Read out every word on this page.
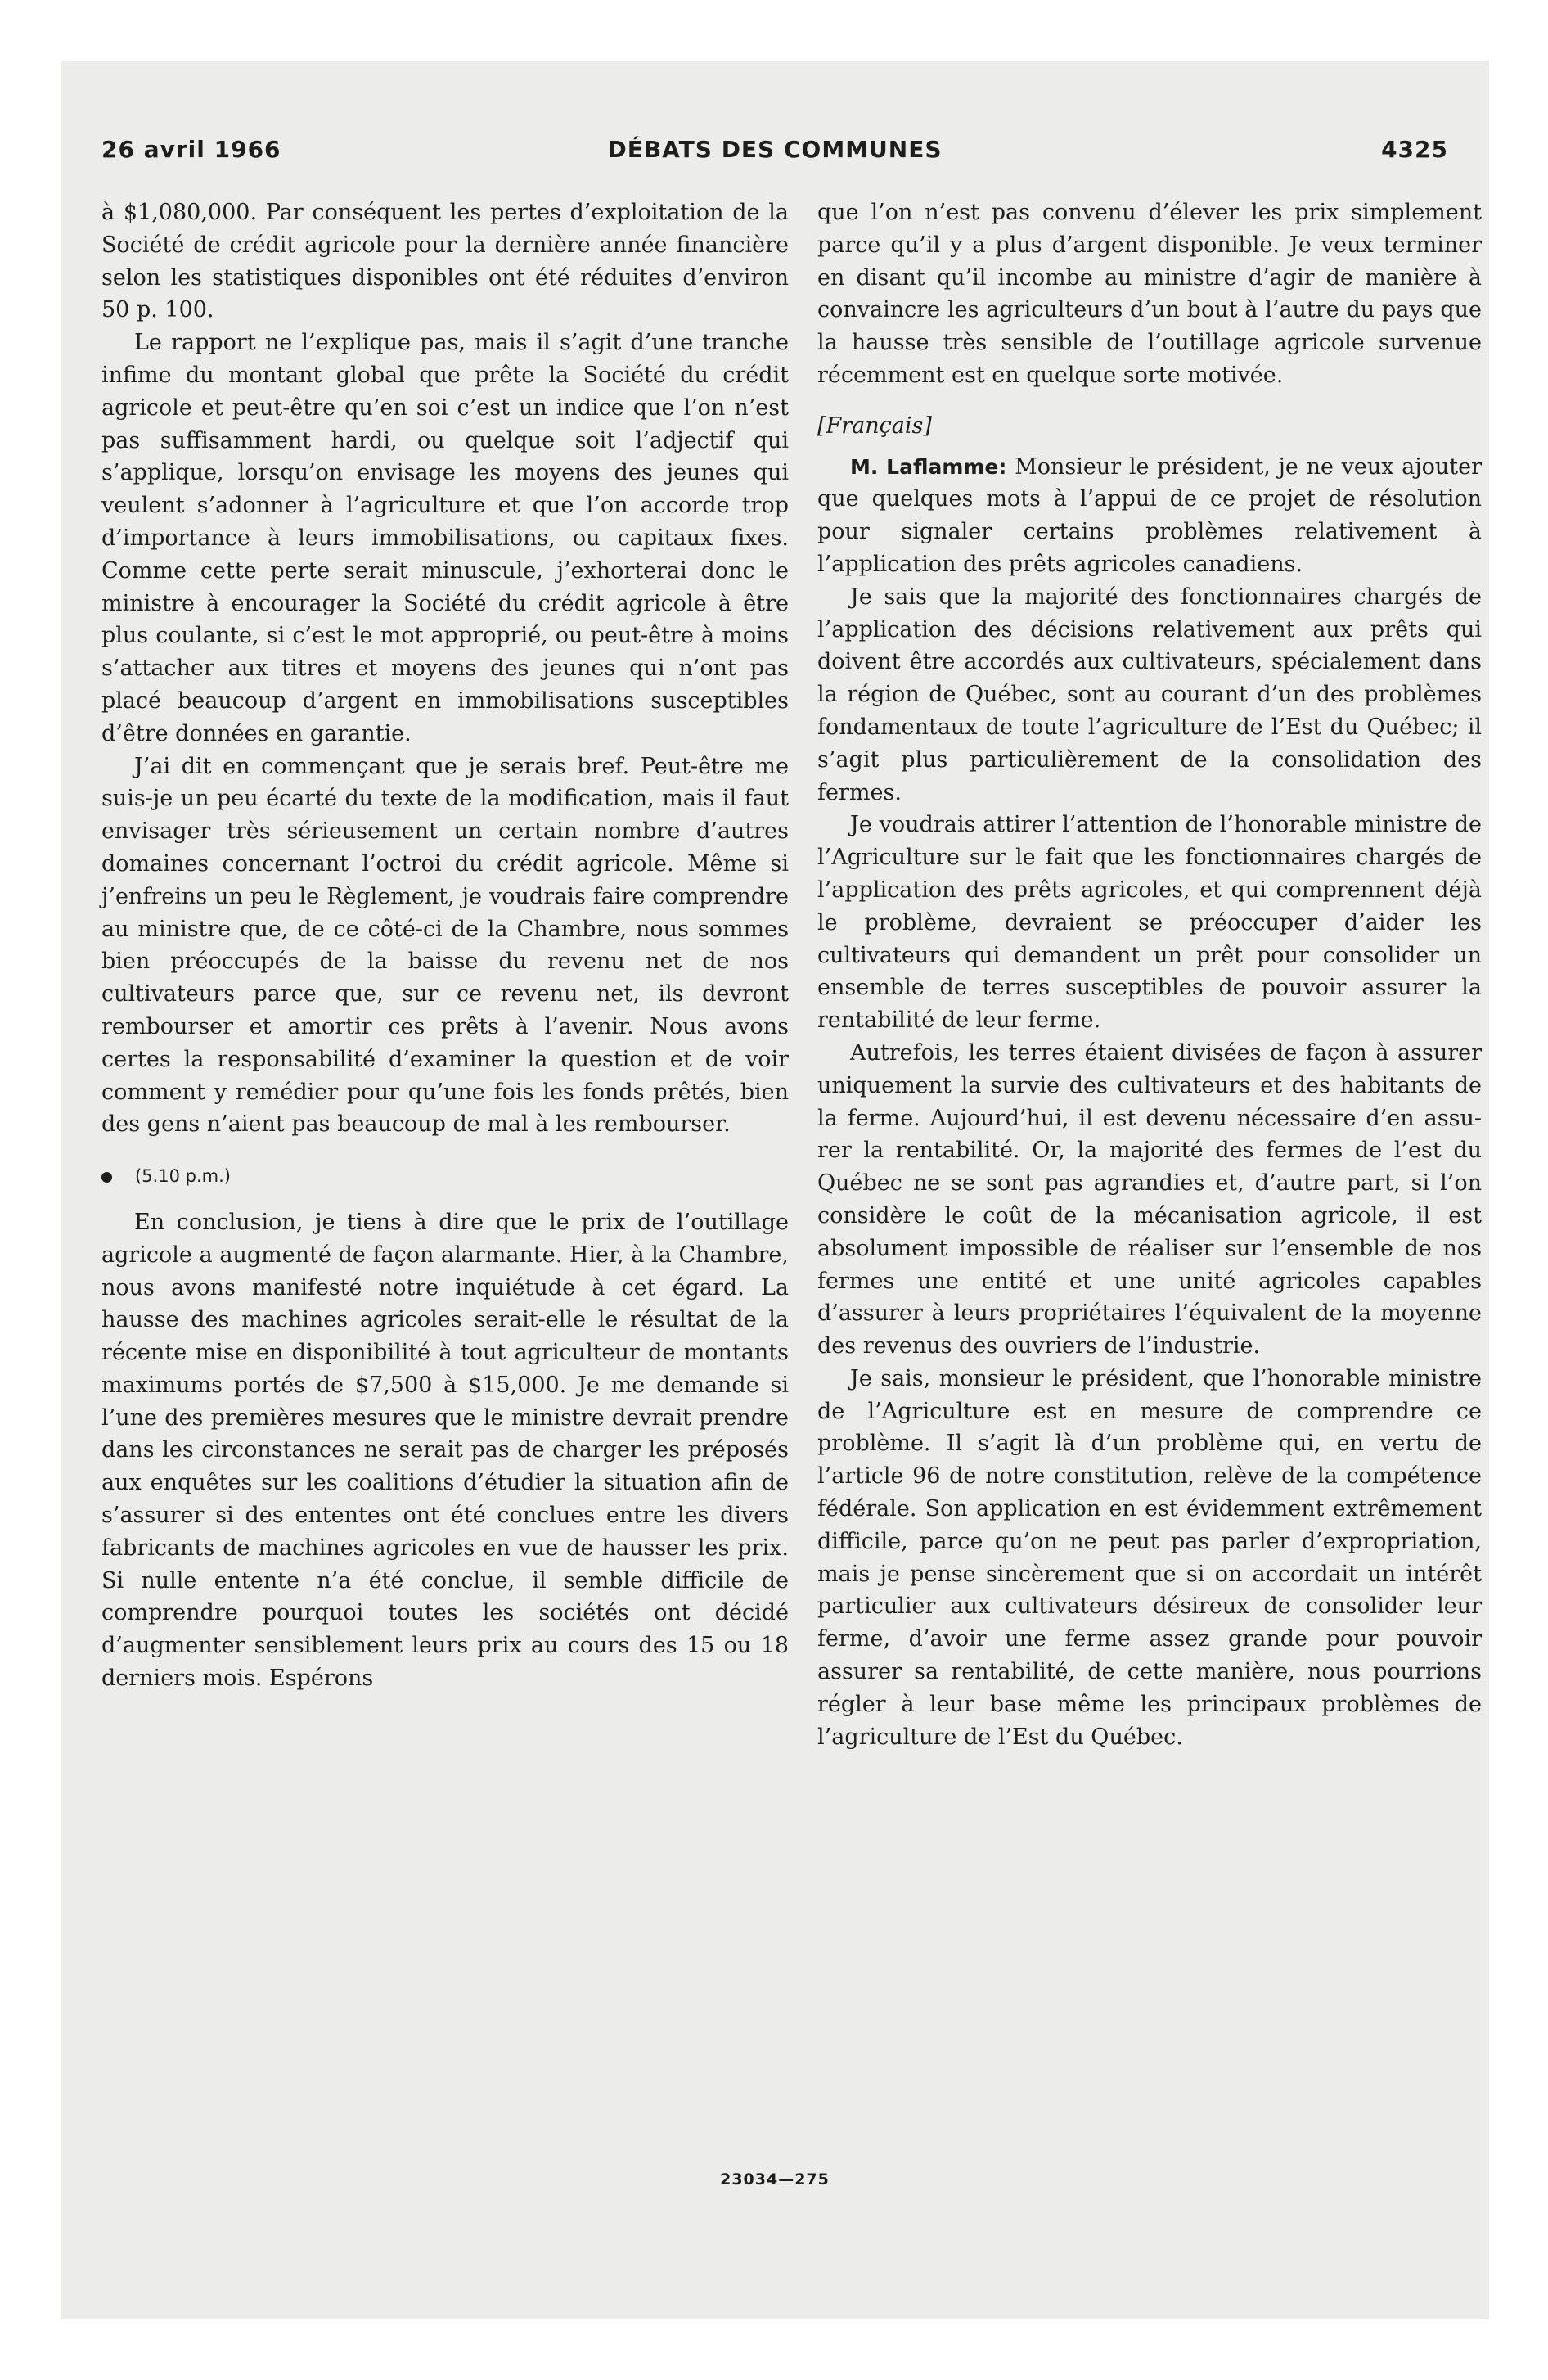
26 avril 1966	DÉBATS DES COMMUNES	4325

à $1,080,000. Par conséquent les pertes d’exploitation de la Société de crédit agricole pour la dernière année financière selon les statistiques disponibles ont été réduites d’environ 50 p. 100.

Le rapport ne l’explique pas, mais il s’agit d’une tranche infime du montant global que prête la Société du crédit agricole et peut-être qu’en soi c’est un indice que l’on n’est pas suffisamment hardi, ou quelque soit l’adjectif qui s’applique, lorsqu’on envisage les moyens des jeunes qui veulent s’adonner à l’agriculture et que l’on accorde trop d’importance à leurs immobilisations, ou capitaux fixes. Comme cette perte serait minuscule, j’exhorterai donc le ministre à encourager la Société du crédit agricole à être plus coulante, si c’est le mot approprié, ou peut-être à moins s’attacher aux titres et moyens des jeunes qui n’ont pas placé beaucoup d’argent en immobilisations susceptibles d’être données en garantie.

J’ai dit en commençant que je serais bref. Peut-être me suis-je un peu écarté du texte de la modification, mais il faut envisager très sérieusement un certain nombre d’autres domaines concernant l’octroi du crédit agricole. Même si j’enfreins un peu le Règlement, je voudrais faire comprendre au ministre que, de ce côté-ci de la Chambre, nous sommes bien préoccupés de la baisse du revenu net de nos cultivateurs parce que, sur ce revenu net, ils devront rembourser et amortir ces prêts à l’avenir. Nous avons certes la responsabilité d’examiner la question et de voir comment y remédier pour qu’une fois les fonds prêtés, bien des gens n’aient pas beaucoup de mal à les rembourser.

(5.10 p.m.)

En conclusion, je tiens à dire que le prix de l’outillage agricole a augmenté de façon alarmante. Hier, à la Chambre, nous avons manifesté notre inquiétude à cet égard. La hausse des machines agricoles serait-elle le résultat de la récente mise en disponibilité à tout agriculteur de montants maximums portés de $7,500 à $15,000. Je me demande si l’une des premières mesures que le ministre devrait prendre dans les circonstances ne serait pas de charger les préposés aux enquêtes sur les coalitions d’étudier la situation afin de s’assurer si des ententes ont été conclues entre les divers fabricants de machines agricoles en vue de hausser les prix. Si nulle entente n’a été conclue, il semble difficile de comprendre pourquoi toutes les sociétés ont décidé d’augmenter sensiblement leurs prix au cours des 15 ou 18 derniers mois. Espérons

que l’on n’est pas convenu d’élever les prix simplement parce qu’il y a plus d’argent disponible. Je veux terminer en disant qu’il incombe au ministre d’agir de manière à convaincre les agriculteurs d’un bout à l’autre du pays que la hausse très sensible de l’outillage agricole survenue récemment est en quelque sorte motivée.

[Français]

M. Laflamme: Monsieur le président, je ne veux ajouter que quelques mots à l’appui de ce projet de résolution pour signaler certains problèmes relativement à l’application des prêts agricoles canadiens.

Je sais que la majorité des fonctionnaires chargés de l’application des décisions relativement aux prêts qui doivent être accordés aux cultivateurs, spécialement dans la région de Québec, sont au courant d’un des problèmes fondamentaux de toute l’agriculture de l’Est du Québec; il s’agit plus particulièrement de la consolidation des fermes.

Je voudrais attirer l’attention de l’honorable ministre de l’Agriculture sur le fait que les fonctionnaires chargés de l’application des prêts agricoles, et qui comprennent déjà le problème, devraient se préoccuper d’aider les cultivateurs qui demandent un prêt pour consolider un ensemble de terres susceptibles de pouvoir assurer la rentabilité de leur ferme.

Autrefois, les terres étaient divisées de façon à assurer uniquement la survie des cultivateurs et des habitants de la ferme. Aujourd’hui, il est devenu nécessaire d’en assurer la rentabilité. Or, la majorité des fermes de l’est du Québec ne se sont pas agrandies et, d’autre part, si l’on considère le coût de la mécanisation agricole, il est absolument impossible de réaliser sur l’ensemble de nos fermes une entité et une unité agricoles capables d’assurer à leurs propriétaires l’équivalent de la moyenne des revenus des ouvriers de l’industrie.

Je sais, monsieur le président, que l’honorable ministre de l’Agriculture est en mesure de comprendre ce problème. Il s’agit là d’un problème qui, en vertu de l’article 96 de notre constitution, relève de la compétence fédérale. Son application en est évidemment extrêmement difficile, parce qu’on ne peut pas parler d’expropriation, mais je pense sincèrement que si on accordait un intérêt particulier aux cultivateurs désireux de consolider leur ferme, d’avoir une ferme assez grande pour pouvoir assurer sa rentabilité, de cette manière, nous pourrions régler à leur base même les principaux problèmes de l’agriculture de l’Est du Québec.

23034—275
